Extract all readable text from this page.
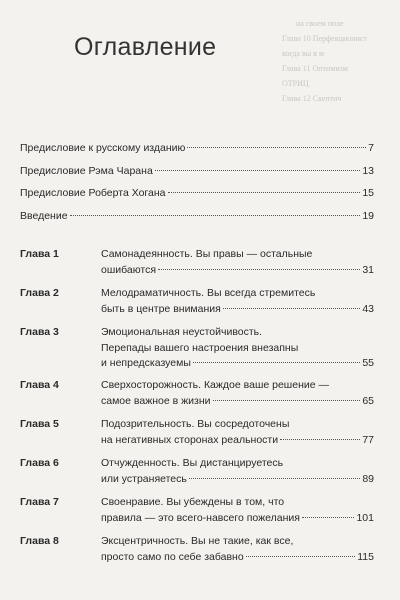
на своем поле
Глава 10 Перфекционист
когда вы в м
Глава 11 Оптимизм
ОТРИЦ
Глава 12 Скептич
Оглавление
Предисловие к русскому изданию	7
Предисловие Рэма Чарана	13
Предисловие Роберта Хогана	15
Введение	19
Глава 1	Самонадеянность. Вы правы — остальные
ошибаются	31
Глава 2	Мелодраматичность. Вы всегда стремитесь
быть в центре внимания	43
Глава 3	Эмоциональная неустойчивость.
Перепады вашего настроения внезапны
и непредсказуемы	55
Глава 4	Сверхосторожность. Каждое ваше решение —
самое важное в жизни	65
Глава 5	Подозрительность. Вы сосредоточены
на негативных сторонах реальности	77
Глава 6	Отчужденность. Вы дистанцируетесь
или устраняетесь	89
Глава 7	Своенравие. Вы убеждены в том, что
правила — это всего-навсего пожелания	101
Глава 8	Эксцентричность. Вы не такие, как все,
просто само по себе забавно	115
